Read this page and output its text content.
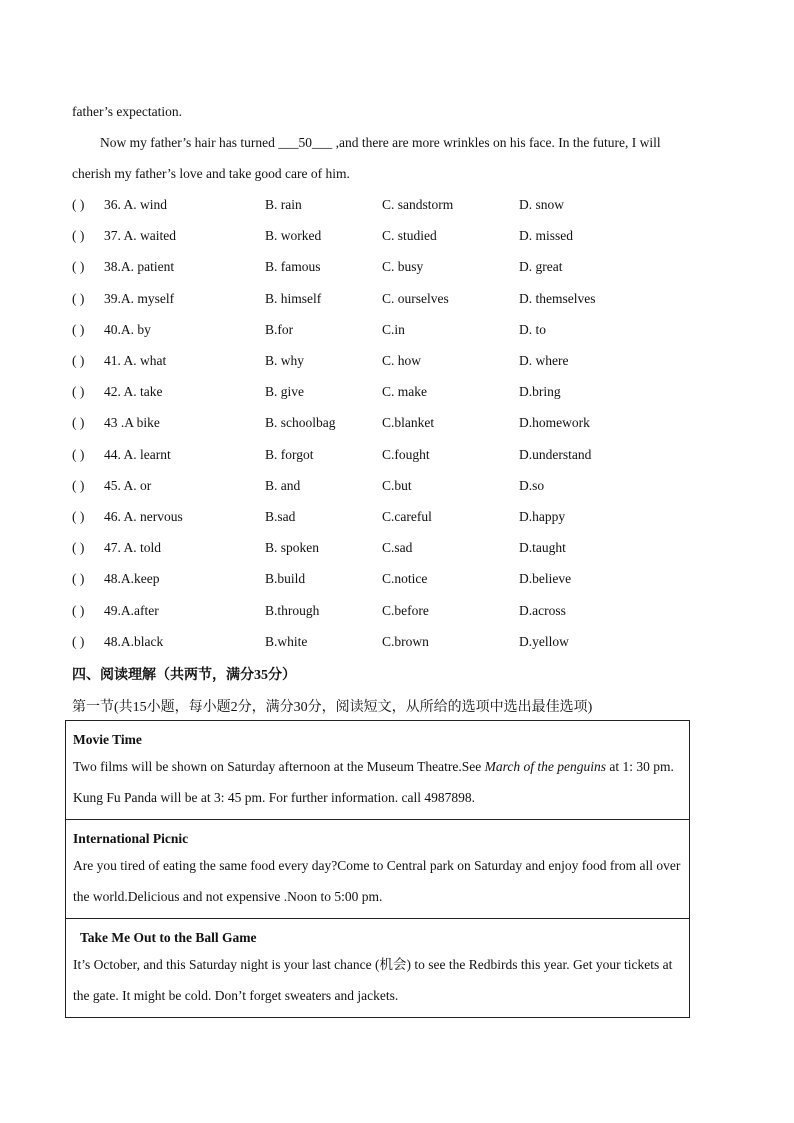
father’s expectation.
Now my father’s hair has turned ___50___ ,and there are more wrinkles on his face. In the future, I will
cherish my father’s love and take good care of him.
( ) 36. A. wind	B. rain	C. sandstorm	D. snow
( ) 37. A. waited	B. worked	C. studied	D. missed
( ) 38.A. patient	B. famous	C. busy	D. great
( ) 39.A. myself	B. himself	C. ourselves	D. themselves
( ) 40.A. by	B.for	C.in	D. to
( ) 41. A. what	B. why	C. how	D. where
( ) 42. A. take	B. give	C. make	D.bring
( ) 43 .A bike	B. schoolbag	C.blanket	D.homework
( ) 44. A. learnt	B. forgot	C.fought	D.understand
( ) 45. A. or	B. and	C.but	D.so
( ) 46. A. nervous	B.sad	C.careful	D.happy
( ) 47. A. told	B. spoken	C.sad	D.taught
( ) 48.A.keep	B.build	C.notice	D.believe
( ) 49.A.after	B.through	C.before	D.across
( ) 48.A.black	B.white	C.brown	D.yellow
四、阅读理解（共两节，满分35分）
第一节(共15小题，每小题2分，满分30分，阅读短文，从所给的选项中选出最佳选项)
Movie Time
Two films will be shown on Saturday afternoon at the Museum Theatre.See March of the penguins at 1: 30 pm. Kung Fu Panda will be at 3: 45 pm. For further information. call 4987898.

International Picnic
Are you tired of eating the same food every day?Come to Central park on Saturday and enjoy food from all over the world.Delicious and not expensive .Noon to 5:00 pm.

Take Me Out to the Ball Game
It’s October, and this Saturday night is your last chance (机会) to see the Redbirds this year. Get your tickets at the gate. It might be cold. Don’t forget sweaters and jackets.
